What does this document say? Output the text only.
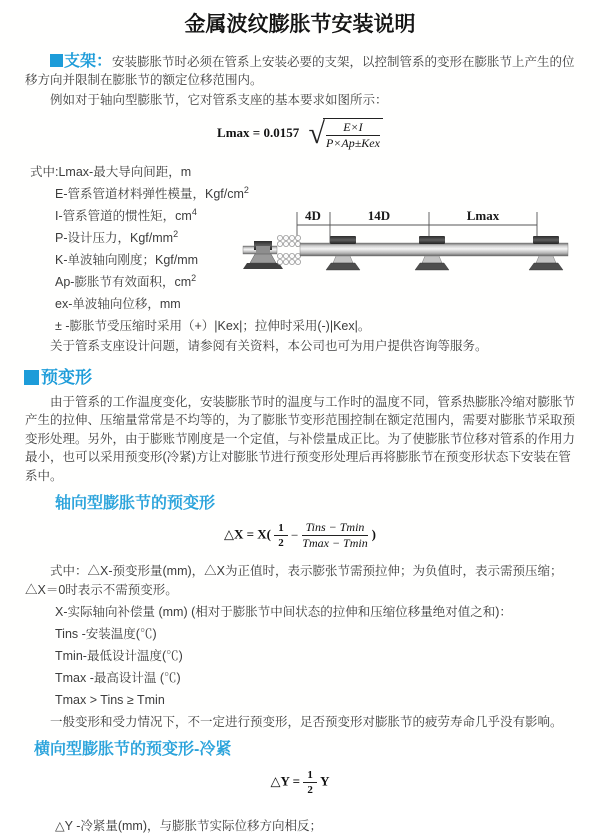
金属波纹膨胀节安装说明

支架：安装膨胀节时必须在管系上安装必要的支架，以控制管系的变形在膨胀节上产生的位移方向并限制在膨胀节的额定位移范围内。

例如对于轴向型膨胀节，它对管系支座的基本要求如图所示：

Lmax = 0.0157 √ $\frac{E\times I}{\text{P×Ap±Kex}}$
式中:Lmax-最大导向间距，m
E-管系管道材料弹性模量，Kgf/$cm^2$
I-管系管道的惯性矩，$cm^4$
P-设计压力，Kgf/$mm^2$
K-单波轴向刚度；Kgf/mm
Ap-膨胀节有效面积，$cm^2$
ex-单波轴向位移，mm
± -膨胀节受压缩时采用（+）|Kex|；拉伸时采用(-)|Kex|。

关于管系支座设计问题，请参阅有关资料，本公司也可为用户提供咨询等服务。

预变形

由于管系的工作温度变化，安装膨胀节时的温度与工作时的温度不同，管系热膨胀冷缩对膨胀节产生的拉伸、压缩量常常是不均等的，为了膨胀节变形范围控制在额定范围内，需要对膨胀节采取预变形处理。另外，由于膨账节刚度是一个定值，与补偿量成正比。为了使膨胀节位移对管系的作用力最小，也可以采用预变形(冷紧)方让对膨胀节进行预变形处理后再将膨胀节在预变形状态下安装在管系中。

轴向型膨胀节的预变形
△X = $X( \frac{1}{2} - \frac{\text{Tins − Tmin}}{Tmax - Tmin}$ )

式中：△X-预变形量(mm)，△X为正值时，表示膨张节需预拉伸；为负值时，表示需预压缩；△X＝0时表示不需预变形。

X-实际轴向补偿量 (mm) (相对于膨胀节中间状态的拉伸和压缩位移量绝对值之和)：

Tins -安装温度(℃)

Tmin-最低设计温度(℃)

Tmax -最高设计温 (℃)

Tmax > Tins ≥ Tmin

一般变形和受力情况下，不一定进行预变形，足否预变形对膨胀节的疲劳寿命几乎没有影响。

横向型膨胀节的预变形-冷紧
△Y = $\frac{1}{2}$ Y

△Y -冷紧量(mm)，与膨胀节实际位移方向相反；

4D	14D	Lmax
